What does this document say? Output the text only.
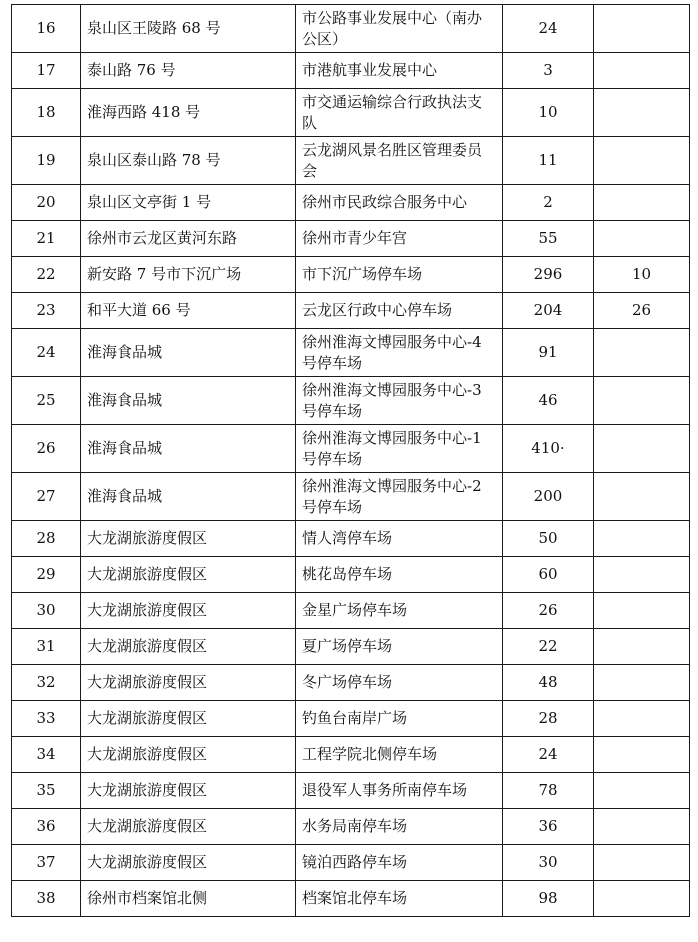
16	泉山区王陵路 68 号	市公路事业发展中心（南办公区）	24	
17	泰山路 76 号	市港航事业发展中心	3	
18	淮海西路 418 号	市交通运输综合行政执法支队	10	
19	泉山区泰山路 78 号	云龙湖风景名胜区管理委员会	11	
20	泉山区文亭街 1 号	徐州市民政综合服务中心	2	
21	徐州市云龙区黄河东路	徐州市青少年宫	55	
22	新安路 7 号市下沉广场	市下沉广场停车场	296	10
23	和平大道 66 号	云龙区行政中心停车场	204	26
24	淮海食品城	徐州淮海文博园服务中心-4 号停车场	91	
25	淮海食品城	徐州淮海文博园服务中心-3 号停车场	46	
26	淮海食品城	徐州淮海文博园服务中心-1 号停车场	410·	
27	淮海食品城	徐州淮海文博园服务中心-2 号停车场	200	
28	大龙湖旅游度假区	情人湾停车场	50	
29	大龙湖旅游度假区	桃花岛停车场	60	
30	大龙湖旅游度假区	金星广场停车场	26	
31	大龙湖旅游度假区	夏广场停车场	22	
32	大龙湖旅游度假区	冬广场停车场	48	
33	大龙湖旅游度假区	钓鱼台南岸广场	28	
34	大龙湖旅游度假区	工程学院北侧停车场	24	
35	大龙湖旅游度假区	退役军人事务所南停车场	78	
36	大龙湖旅游度假区	水务局南停车场	36	
37	大龙湖旅游度假区	镜泊西路停车场	30	
38	徐州市档案馆北侧	档案馆北停车场	98	
